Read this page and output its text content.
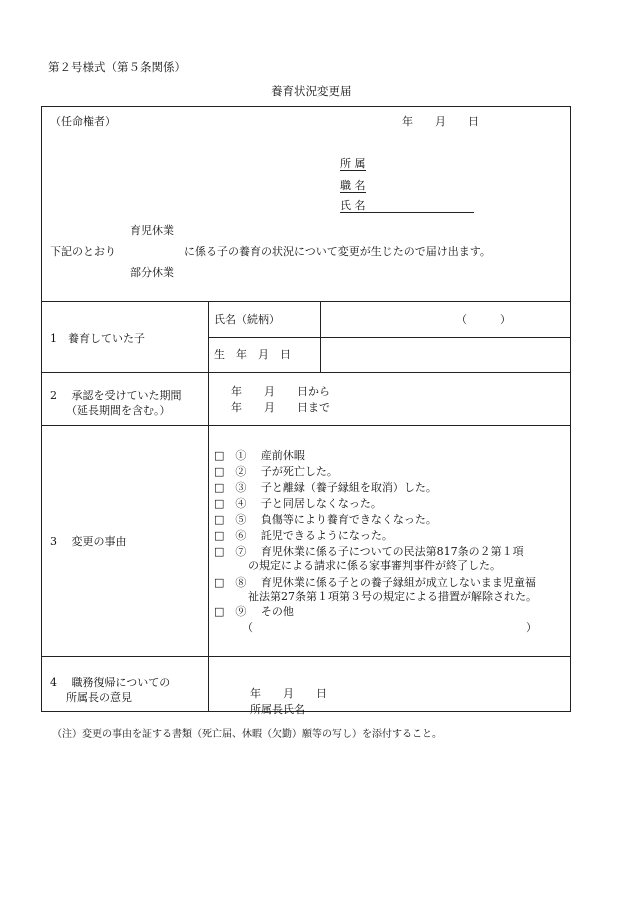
第２号様式（第５条関係）
養育状況変更届
（任命権者）	年　　月　　日
所 属
職 名
氏 名
育児休業
下記のとおり	に係る子の養育の状況について変更が生じたので届け出ます。
部分休業
1　養育していた子
氏名（続柄）	（　　　）
生　年　月　日
2　 承認を受けていた期間
（延長期間を含む。）
年　　月　　日から
年　　月　　日まで
3　 変更の事由
□　①　 産前休暇
□　②　 子が死亡した。
□　③　 子と離縁（養子縁組を取消）した。
□　④　 子と同居しなくなった。
□　⑤　 負傷等により養育できなくなった。
□　⑥　 託児できるようになった。
□　⑦　 育児休業に係る子についての民法第817条の２第１項
の規定による請求に係る家事審判事件が終了した。
□　⑧　 育児休業に係る子との養子縁組が成立しないまま児童福
祉法第27条第１項第３号の規定による措置が解除された。
□　⑨　 その他
（	）
4　 職務復帰についての
所属長の意見	年　　月　　日
所属長氏名
（注）変更の事由を証する書類（死亡届、休暇（欠勤）願等の写し）を添付すること。
